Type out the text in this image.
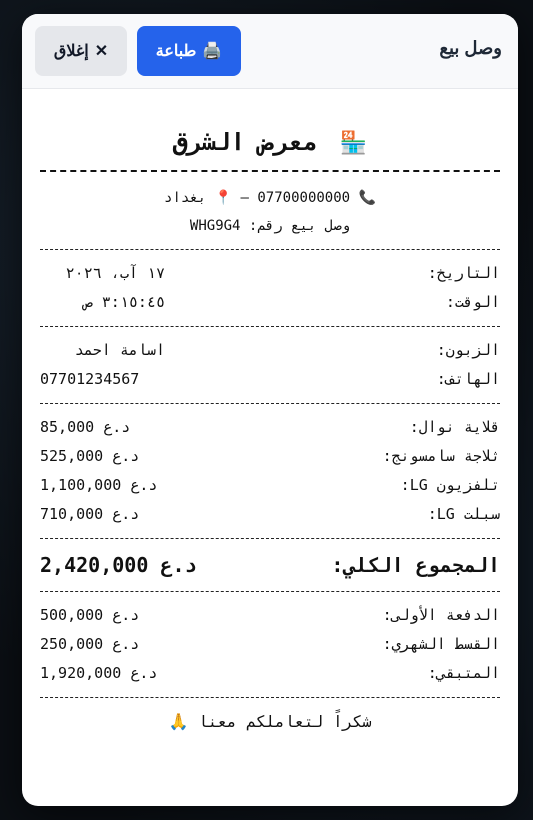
وصل بيع
🖨️
طباعة
✕
إغلاق
🏪 معرض الشرق
📞 07700000000 — 📍 بغداد
وصل بيع رقم: WHG9G4
التاريخ:
١٧ آب، ٢٠٢٦
الوقت:
٣:١٥:٤٥ ص
الزبون:
اسامة احمد
الهاتف:
07701234567
قلاية نوال:
85,000 د.ع
ثلاجة سامسونج:
525,000 د.ع
تلفزيون LG:
1,100,000 د.ع
سبلت LG:
710,000 د.ع
المجموع الكلي:
2,420,000 د.ع
الدفعة الأولى:
500,000 د.ع
القسط الشهري:
250,000 د.ع
المتبقي:
1,920,000 د.ع
شكراً لتعاملكم معنا 🙏
